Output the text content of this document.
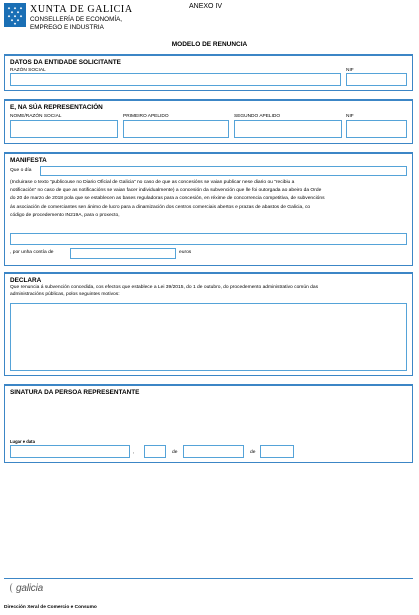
XUNTA DE GALICIA
CONSELLERÍA DE ECONOMÍA,
EMPREGO E INDUSTRIA
ANEXO IV
MODELO DE RENUNCIA
DATOS DA ENTIDADE SOLICITANTE
RAZÓN SOCIAL	NIF
E, NA SÚA REPRESENTACIÓN
NOME/RAZÓN SOCIAL	PRIMEIRO APELIDO	SEGUNDO APELIDO	NIF
MANIFESTA
Que o día
(Incluirase o texto “publicouse no Diario Oficial de Galicia” no caso de que as concesións se vaian publicar nese diario ou “recibiu a
notificación” no caso de que as notificacións se vaian facer individualmente) a concesión da subvención que lle foi outorgada ao abeiro da Orde
do 20 de marzo de 2018 pola que se establecen as bases reguladoras para a concesión, en réxime de concorrencia competitiva, de subvencións
ás asociación de comerciantes sen ánimo de lucro para a dinamización dos centros comerciais abertos e prazas de abastos de Galicia, co
código de procedemento IN219A, para o proxecto,
, por unha contía de	euros
DECLARA
Que renuncia á subvención concedida, cos efectos que establece a Lei 39/2015, do 1 de outubro, do procedemento administrativo común das
administracións públicas, polos seguintes motivos:
SINATURA DA PERSOA REPRESENTANTE
Lugar e data
,	de	de
galicia
Dirección Xeral de Comercio e Consumo
